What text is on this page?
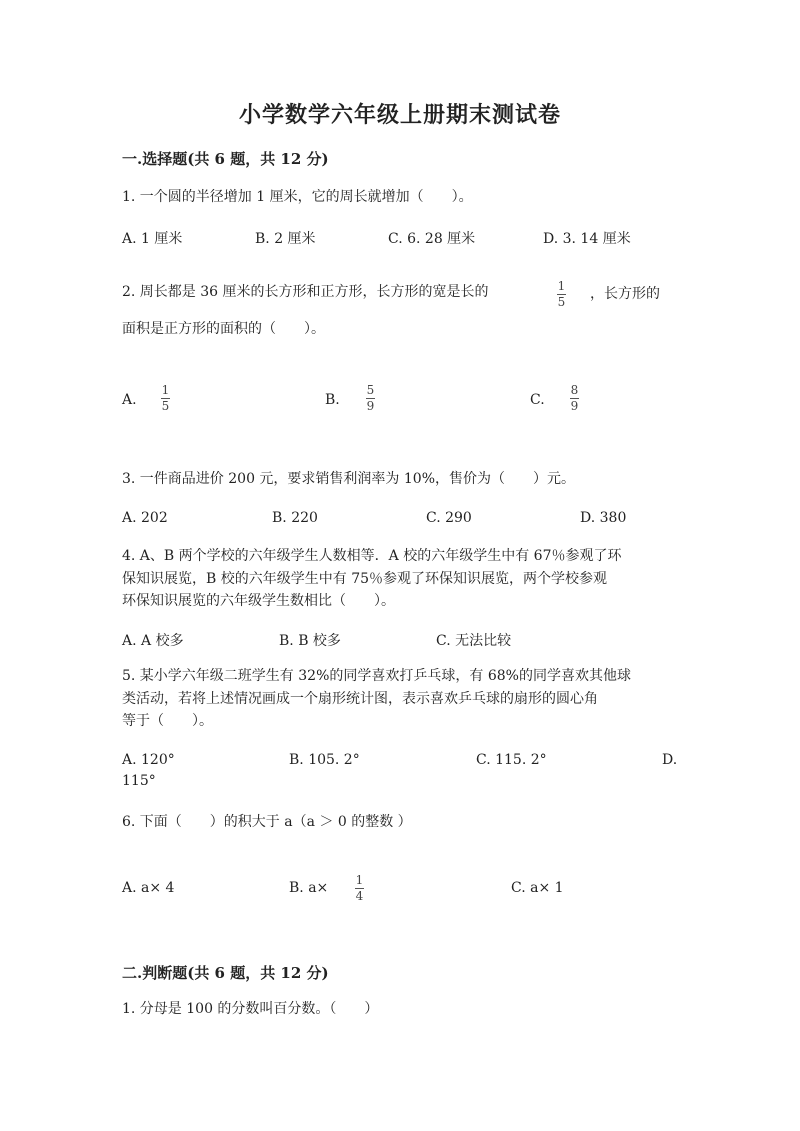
小学数学六年级上册期末测试卷
一.选择题(共 6 题，共 12 分)
1. 一个圆的半径增加 1 厘米，它的周长就增加（　　）。
A. 1 厘米	B. 2 厘米	C. 6. 28 厘米	D. 3. 14 厘米
2. 周长都是 36 厘米的长方形和正方形，长方形的宽是长的	1
5 ，长方形的
面积是正方形的面积的（　　）。
A.
1
5	B.
5
9	C.
8
9
3. 一件商品进价 200 元，要求销售利润率为 10%，售价为（　　）元。
A. 202	B. 220	C. 290	D. 380
4. A、B 两个学校的六年级学生人数相等．A 校的六年级学生中有 67％参观了环
保知识展览，B 校的六年级学生中有 75％参观了环保知识展览，两个学校参观
环保知识展览的六年级学生数相比（　　）。
A. A 校多	B. B 校多	C. 无法比较
5. 某小学六年级二班学生有 32%的同学喜欢打乒乓球，有 68%的同学喜欢其他球
类活动，若将上述情况画成一个扇形统计图，表示喜欢乒乓球的扇形的圆心角
等于（　　）。
A. 120°	B. 105. 2°	C. 115. 2°	D.
115°
6. 下面（　　）的积大于 a（a ＞ 0 的整数 ）
A. a× 4	B. a× 1
4	C. a× 1
二.判断题(共 6 题，共 12 分)
1. 分母是 100 的分数叫百分数。（　　）
